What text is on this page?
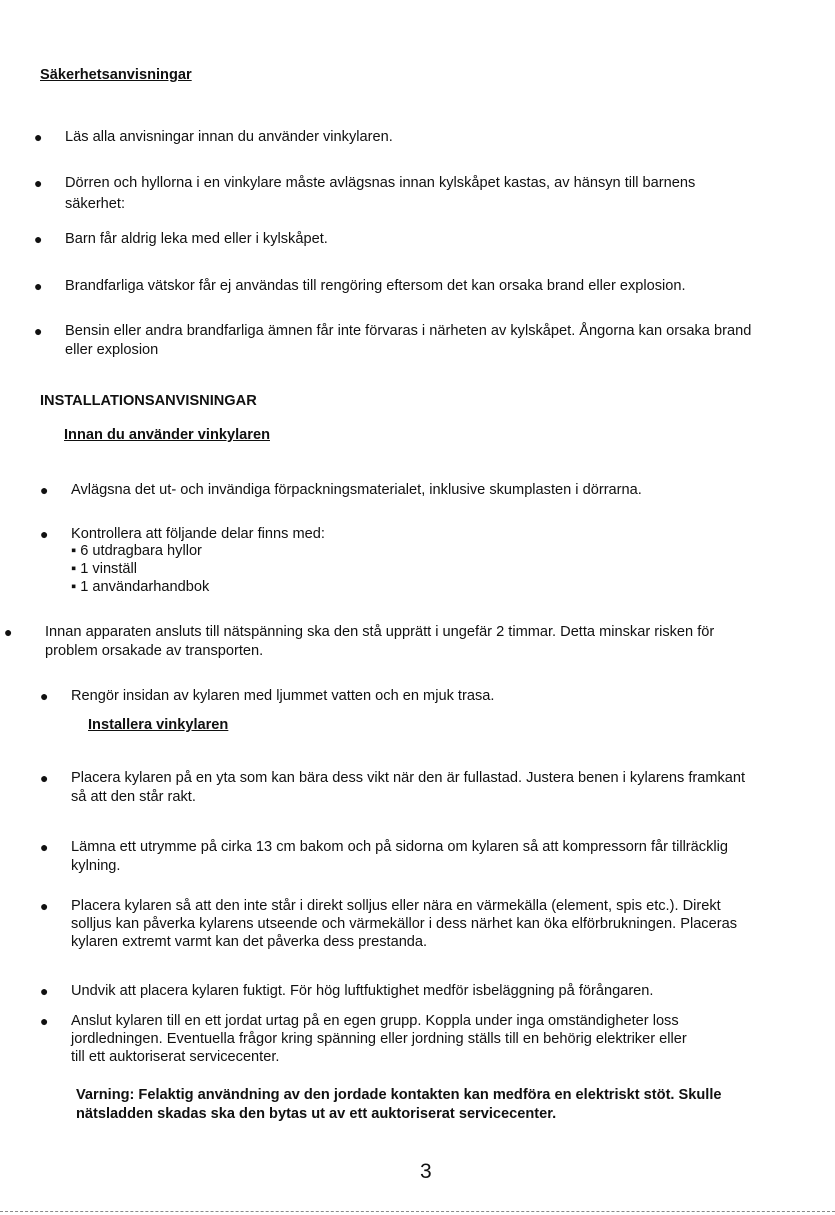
Säkerhetsanvisningar
● Läs alla anvisningar innan du använder vinkylaren.
● Dörren och hyllorna i en vinkylare måste avlägsnas innan kylskåpet kastas, av hänsyn till barnens
säkerhet:
● Barn får aldrig leka med eller i kylskåpet.
● Brandfarliga vätskor får ej användas till rengöring eftersom det kan orsaka brand eller explosion.
● Bensin eller andra brandfarliga ämnen får inte förvaras i närheten av kylskåpet. Ångorna kan orsaka brand
eller explosion
INSTALLATIONSANVISNINGAR
Innan du använder vinkylaren
● Avlägsna det ut- och invändiga förpackningsmaterialet, inklusive skumplasten i dörrarna.
● Kontrollera att följande delar finns med:
▪ 6 utdragbara hyllor
▪ 1 vinställ
▪ 1 användarhandbok
● Innan apparaten ansluts till nätspänning ska den stå upprätt i ungefär 2 timmar. Detta minskar risken för
problem orsakade av transporten.
● Rengör insidan av kylaren med ljummet vatten och en mjuk trasa.
Installera vinkylaren
● Placera kylaren på en yta som kan bära dess vikt när den är fullastad. Justera benen i kylarens framkant
så att den står rakt.
● Lämna ett utrymme på cirka 13 cm bakom och på sidorna om kylaren så att kompressorn får tillräcklig
kylning.
● Placera kylaren så att den inte står i direkt solljus eller nära en värmekälla (element, spis etc.). Direkt
solljus kan påverka kylarens utseende och värmekällor i dess närhet kan öka elförbrukningen. Placeras
kylaren extremt varmt kan det påverka dess prestanda.
● Undvik att placera kylaren fuktigt. För hög luftfuktighet medför isbeläggning på förångaren.
● Anslut kylaren till en ett jordat urtag på en egen grupp. Koppla under inga omständigheter loss
jordledningen. Eventuella frågor kring spänning eller jordning ställs till en behörig elektriker eller
till ett auktoriserat servicecenter.
Varning: Felaktig användning av den jordade kontakten kan medföra en elektriskt stöt. Skulle
nätsladden skadas ska den bytas ut av ett auktoriserat servicecenter.
3
